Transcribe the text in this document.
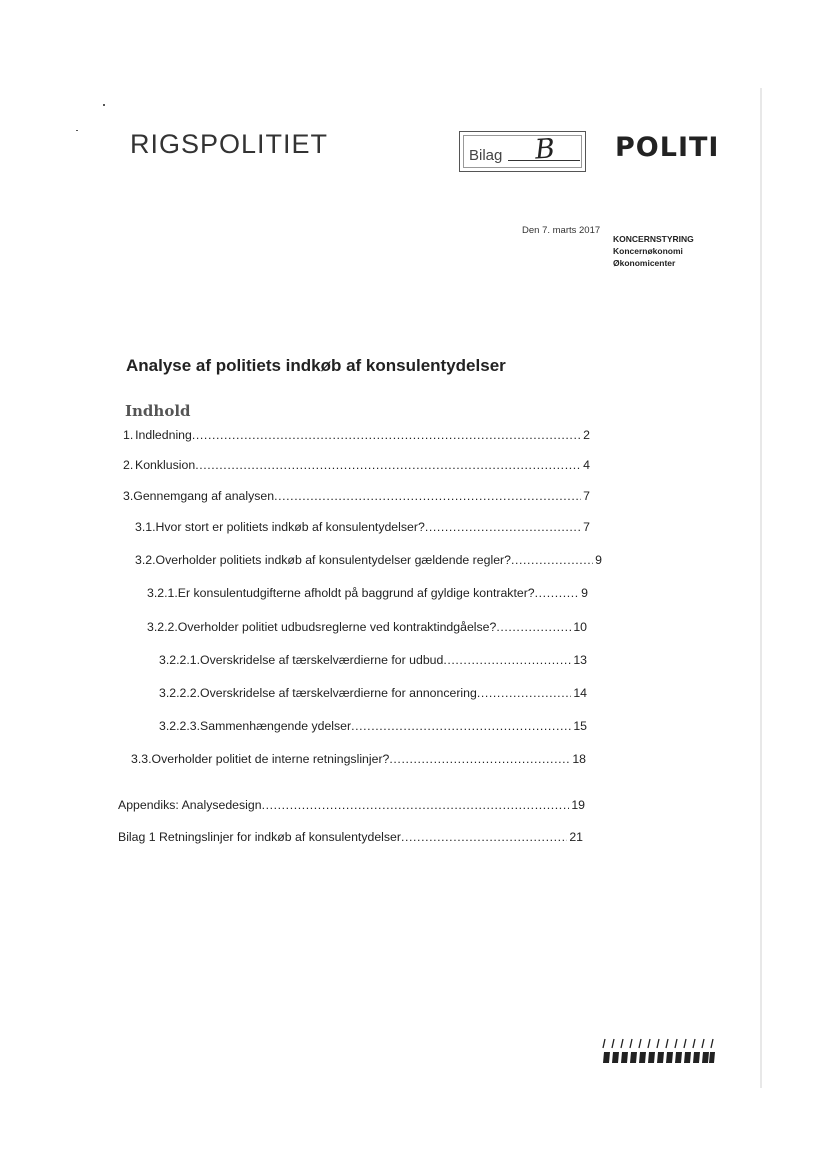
RIGSPOLITIET	Bilag B POLITI
Den 7. marts 2017
KONCERNSTYRING
Koncernøkonomi
Økonomicenter
Analyse af politiets indkøb af konsulentydelser
Indhold
1. Indledning .....	2
2. Konklusion .....	4
3. Gennemgang af analysen .....	7
3.1. Hvor stort er politiets indkøb af konsulentydelser? .....	7
3.2. Overholder politiets indkøb af konsulentydelser gældende regler? .....	9
3.2.1. Er konsulentudgifterne afholdt på baggrund af gyldige kontrakter? .....	9
3.2.2. Overholder politiet udbudsreglerne ved kontraktindgåelse? .....	10
3.2.2.1. Overskridelse af tærskelværdierne for udbud .....	13
3.2.2.2. Overskridelse af tærskelværdierne for annoncering .....	14
3.2.2.3. Sammenhængende ydelser .....	15
3.3. Overholder politiet de interne retningslinjer? .....	18
Appendiks: Analysedesign .....	19
Bilag 1 Retningslinjer for indkøb af konsulentydelser .....	21
